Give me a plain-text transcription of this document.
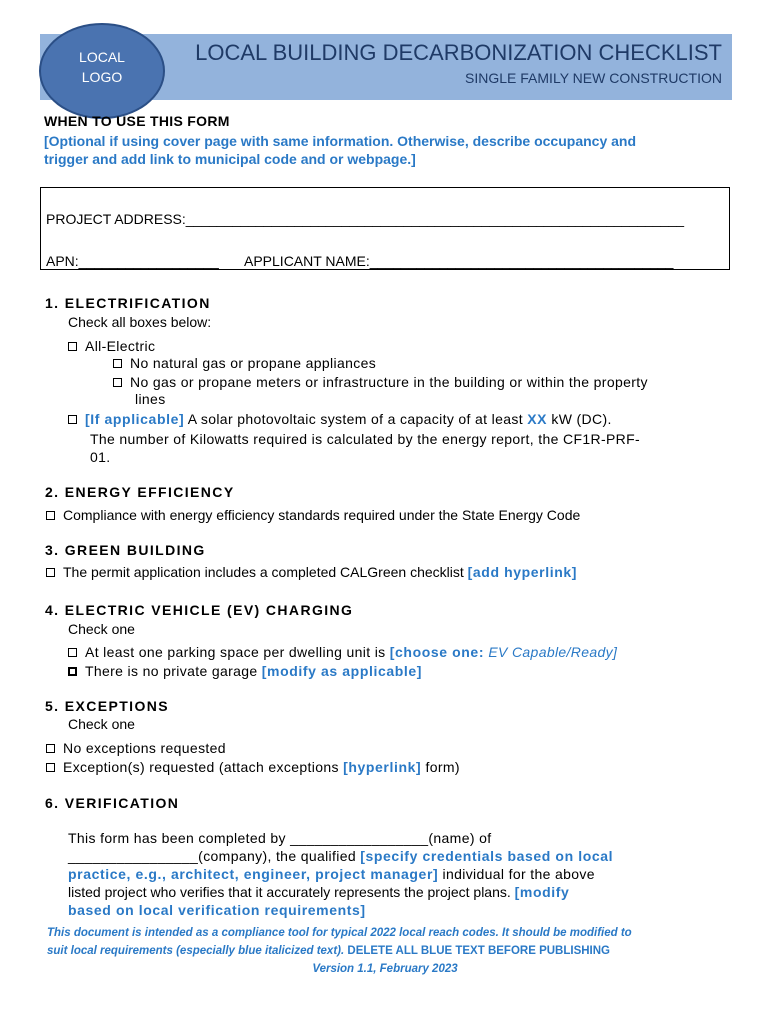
LOCAL
LOGO
LOCAL BUILDING DECARBONIZATION CHECKLIST
SINGLE FAMILY NEW CONSTRUCTION
WHEN TO USE THIS FORM
[Optional if using cover page with same information. Otherwise, describe occupancy and
trigger and add link to municipal code and or webpage.]
PROJECT ADDRESS:________________________________________________________________
APN:__________________ APPLICANT NAME:_______________________________________
1. ELECTRIFICATION
Check all boxes below:
All-Electric
No natural gas or propane appliances
No gas or propane meters or infrastructure in the building or within the property
lines
[If applicable] A solar photovoltaic system of a capacity of at least XX kW (DC).
The number of Kilowatts required is calculated by the energy report, the CF1R-PRF-
01.
2. ENERGY EFFICIENCY
Compliance with energy efficiency standards required under the State Energy Code
3. GREEN BUILDING
The permit application includes a completed CALGreen checklist [add hyperlink]
4. ELECTRIC VEHICLE (EV) CHARGING
Check one
At least one parking space per dwelling unit is [choose one: EV Capable/Ready]
There is no private garage [modify as applicable]
5. EXCEPTIONS
Check one
No exceptions requested
Exception(s) requested (attach exceptions [hyperlink] form)
6. VERIFICATION
This form has been completed by _________________(name) of
________________(company), the qualified [specify credentials based on local
practice, e.g., architect, engineer, project manager] individual for the above
listed project who verifies that it accurately represents the project plans. [modify
based on local verification requirements]
This document is intended as a compliance tool for typical 2022 local reach codes. It should be modified to
suit local requirements (especially blue italicized text). DELETE ALL BLUE TEXT BEFORE PUBLISHING
Version 1.1, February 2023
